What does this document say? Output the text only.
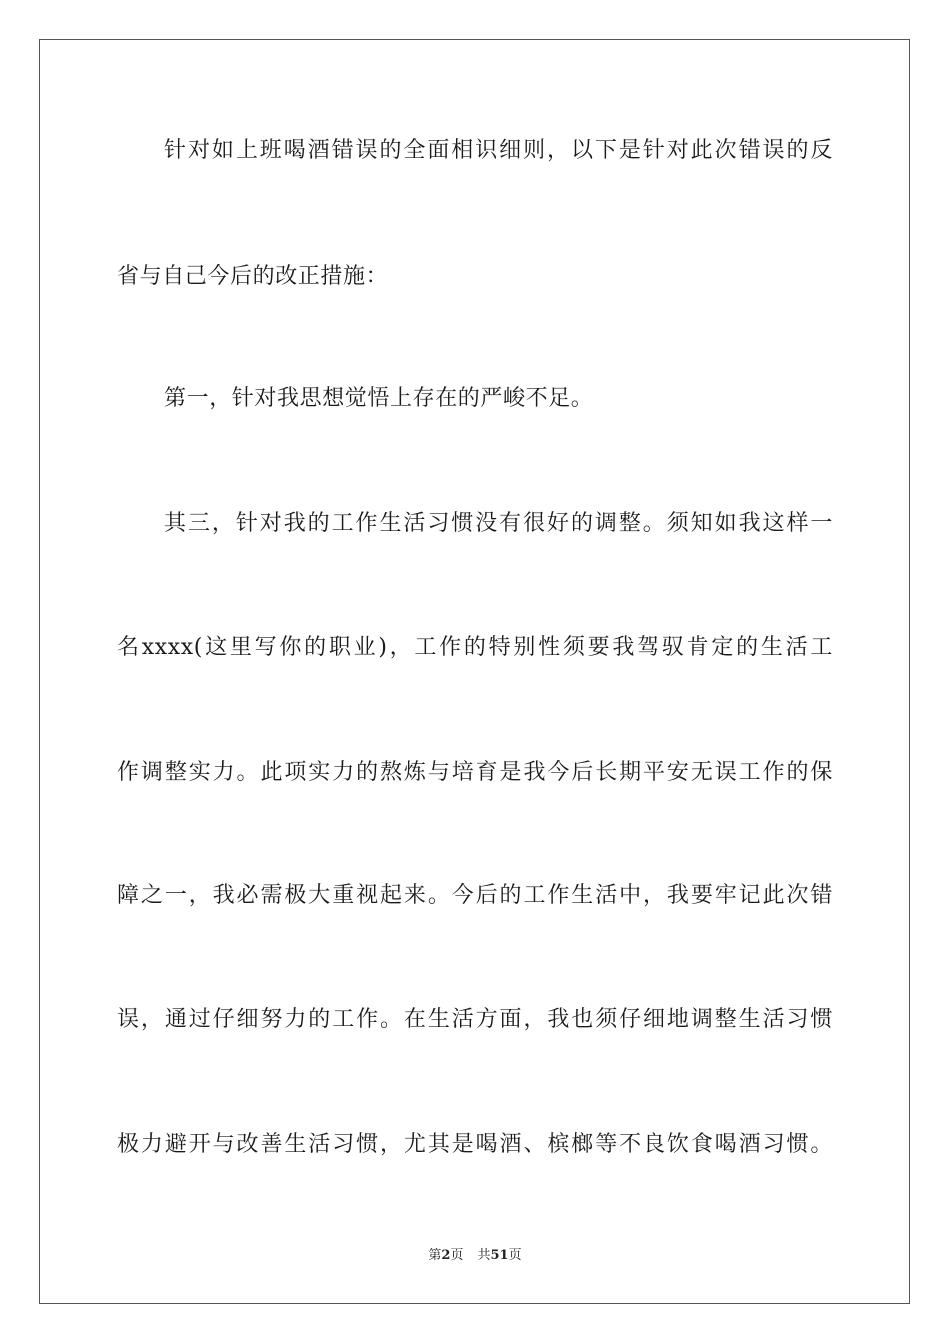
针对如上班喝酒错误的全面相识细则，以下是针对此次错误的反
省与自己今后的改正措施：
第一，针对我思想觉悟上存在的严峻不足。
其三，针对我的工作生活习惯没有很好的调整。须知如我这样一
名xxxx(这里写你的职业)，工作的特别性须要我驾驭肯定的生活工
作调整实力。此项实力的熬炼与培育是我今后长期平安无误工作的保
障之一，我必需极大重视起来。今后的工作生活中，我要牢记此次错
误，通过仔细努力的工作。在生活方面，我也须仔细地调整生活习惯
极力避开与改善生活习惯，尤其是喝酒、槟榔等不良饮食喝酒习惯。
第2页 共51页
